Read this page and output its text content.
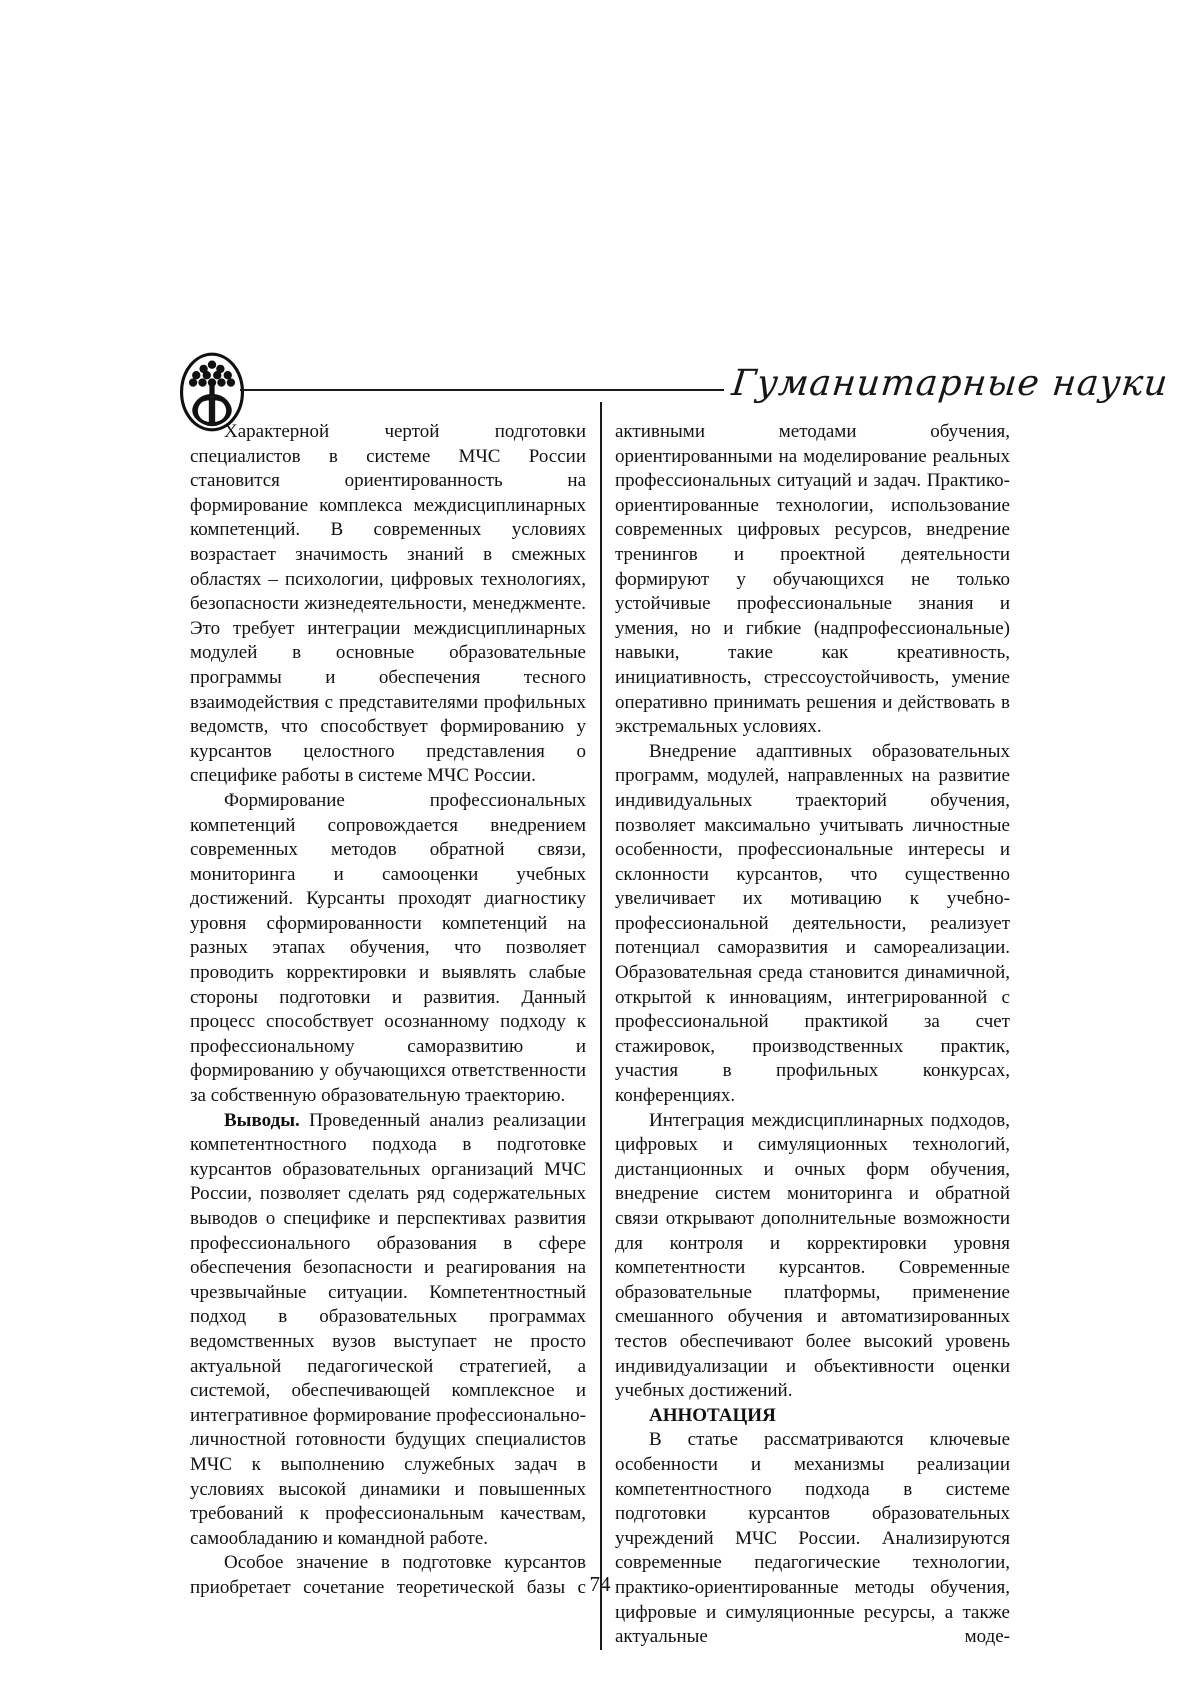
Гуманитарные науки

Характерной чертой подготовки специалистов в системе МЧС России становится ориентированность на формирование комплекса междисциплинарных компетенций. В современных условиях возрастает значимость знаний в смежных областях – психологии, цифровых технологиях, безопасности жизнедеятельности, менеджменте. Это требует интеграции междисциплинарных модулей в основные образовательные программы и обеспечения тесного взаимодействия с представителями профильных ведомств, что способствует формированию у курсантов целостного представления о специфике работы в системе МЧС России.

Формирование профессиональных компетенций сопровождается внедрением современных методов обратной связи, мониторинга и самооценки учебных достижений. Курсанты проходят диагностику уровня сформированности компетенций на разных этапах обучения, что позволяет проводить корректировки и выявлять слабые стороны подготовки и развития. Данный процесс способствует осознанному подходу к профессиональному саморазвитию и формированию у обучающихся ответственности за собственную образовательную траекторию.

Выводы. Проведенный анализ реализации компетентностного подхода в подготовке курсантов образовательных организаций МЧС России, позволяет сделать ряд содержательных выводов о специфике и перспективах развития профессионального образования в сфере обеспечения безопасности и реагирования на чрезвычайные ситуации. Компетентностный подход в образовательных программах ведомственных вузов выступает не просто актуальной педагогической стратегией, а системой, обеспечивающей комплексное и интегративное формирование профессионально-личностной готовности будущих специалистов МЧС к выполнению служебных задач в условиях высокой динамики и повышенных требований к профессиональным качествам, самообладанию и командной работе.

Особое значение в подготовке курсантов приобретает сочетание теоретической базы с

активными методами обучения, ориентированными на моделирование реальных профессиональных ситуаций и задач. Практико-ориентированные технологии, использование современных цифровых ресурсов, внедрение тренингов и проектной деятельности формируют у обучающихся не только устойчивые профессиональные знания и умения, но и гибкие (надпрофессиональные) навыки, такие как креативность, инициативность, стрессоустойчивость, умение оперативно принимать решения и действовать в экстремальных условиях.

Внедрение адаптивных образовательных программ, модулей, направленных на развитие индивидуальных траекторий обучения, позволяет максимально учитывать личностные особенности, профессиональные интересы и склонности курсантов, что существенно увеличивает их мотивацию к учебно-профессиональной деятельности, реализует потенциал саморазвития и самореализации. Образовательная среда становится динамичной, открытой к инновациям, интегрированной с профессиональной практикой за счет стажировок, производственных практик, участия в профильных конкурсах, конференциях.

Интеграция междисциплинарных подходов, цифровых и симуляционных технологий, дистанционных и очных форм обучения, внедрение систем мониторинга и обратной связи открывают дополнительные возможности для контроля и корректировки уровня компетентности курсантов. Современные образовательные платформы, применение смешанного обучения и автоматизированных тестов обеспечивают более высокий уровень индивидуализации и объективности оценки учебных достижений.

АННОТАЦИЯ

В статье рассматриваются ключевые особенности и механизмы реализации компетентностного подхода в системе подготовки курсантов образовательных учреждений МЧС России. Анализируются современные педагогические технологии, практико-ориентированные методы обучения, цифровые и симуляционные ресурсы, а также актуальные моде-

74
